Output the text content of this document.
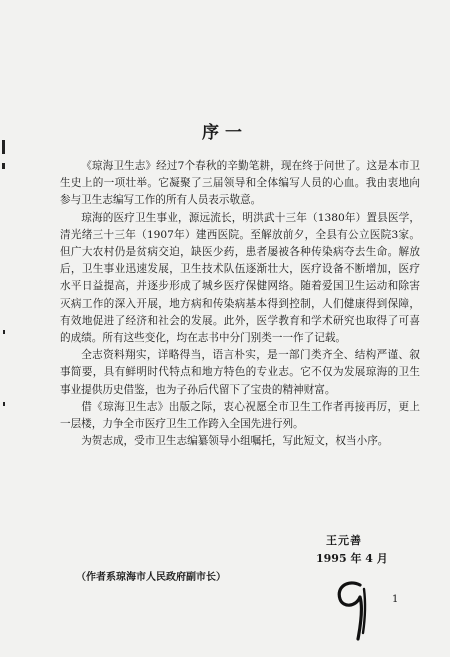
序一

《琼海卫生志》经过7个春秋的辛勤笔耕，现在终于问世了。这是本市卫生史上的一项壮举。它凝聚了三届领导和全体编写人员的心血。我由衷地向参与卫生志编写工作的所有人员表示敬意。

琼海的医疗卫生事业，源远流长，明洪武十三年（1380年）置县医学，清光绪三十三年（1907年）建西医院。至解放前夕，全县有公立医院3家。但广大农村仍是贫病交迫，缺医少药，患者屡被各种传染病夺去生命。解放后，卫生事业迅速发展，卫生技术队伍逐渐壮大，医疗设备不断增加，医疗水平日益提高，并逐步形成了城乡医疗保健网络。随着爱国卫生运动和除害灭病工作的深入开展，地方病和传染病基本得到控制，人们健康得到保障，有效地促进了经济和社会的发展。此外，医学教育和学术研究也取得了可喜的成绩。所有这些变化，均在志书中分门别类一一作了记载。

全志资料翔实，详略得当，语言朴实，是一部门类齐全、结构严谨、叙事简要，具有鲜明时代特点和地方特色的专业志。它不仅为发展琼海的卫生事业提供历史借鉴，也为子孙后代留下了宝贵的精神财富。

借《琼海卫生志》出版之际，衷心祝愿全市卫生工作者再接再厉，更上一层楼，力争全市医疗卫生工作跨入全国先进行列。

为贺志成，受市卫生志编纂领导小组嘱托，写此短文，权当小序。

王元善
1995 年 4 月
（作者系琼海市人民政府副市长）
1
